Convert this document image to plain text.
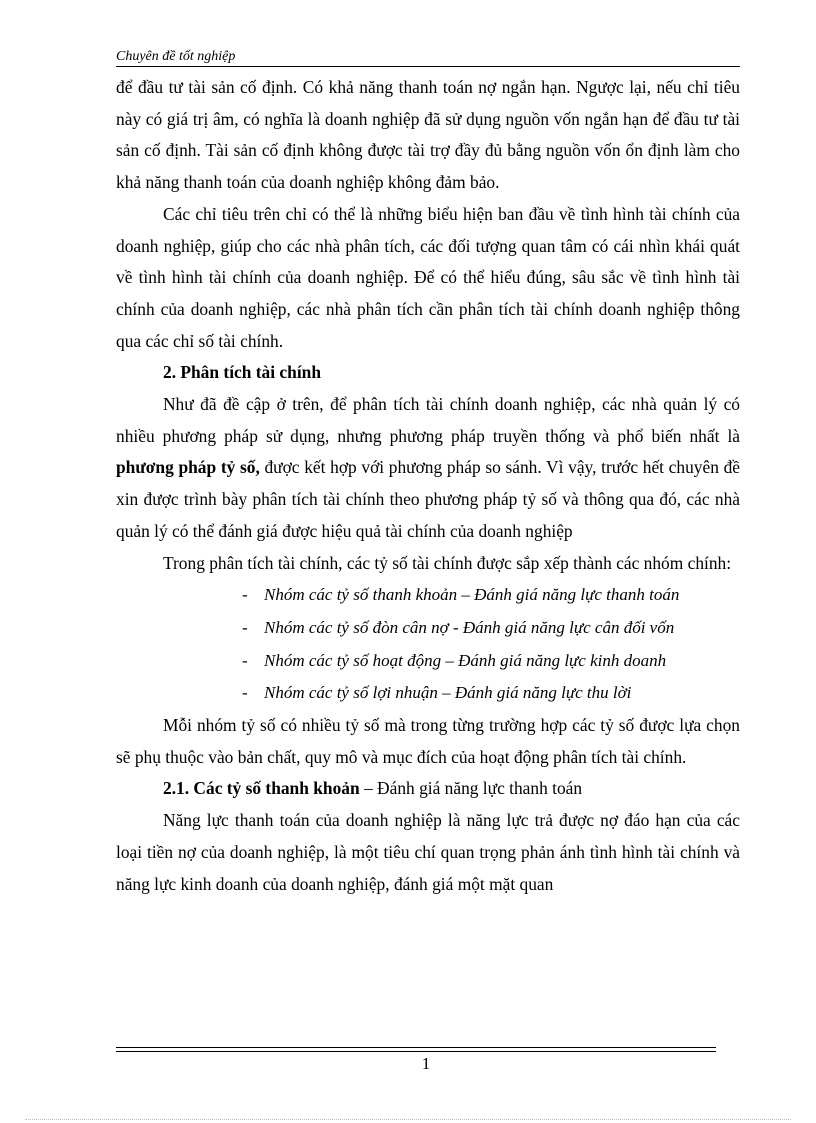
Chuyên đề tốt nghiệp

để đầu tư tài sản cố định. Có khả năng thanh toán nợ ngắn hạn. Ngược lại, nếu chỉ tiêu này có giá trị âm, có nghĩa là doanh nghiệp đã sử dụng nguồn vốn ngắn hạn để đầu tư tài sản cố định. Tài sản cố định không được tài trợ đầy đủ bằng nguồn vốn ổn định làm cho khả năng thanh toán của doanh nghiệp không đảm bảo.

Các chỉ tiêu trên chỉ có thể là những biểu hiện ban đầu về tình hình tài chính của doanh nghiệp, giúp cho các nhà phân tích, các đối tượng quan tâm có cái nhìn khái quát về tình hình tài chính của doanh nghiệp. Để có thể hiểu đúng, sâu sắc về tình hình tài chính của doanh nghiệp, các nhà phân tích cần phân tích tài chính doanh nghiệp thông qua các chỉ số tài chính.

2. Phân tích tài chính

Như đã đề cập ở trên, để phân tích tài chính doanh nghiệp, các nhà quản lý có nhiều phương pháp sử dụng, nhưng phương pháp truyền thống và phổ biến nhất là phương pháp tỷ số, được kết hợp với phương pháp so sánh. Vì vậy, trước hết chuyên đề xin được trình bày phân tích tài chính theo phương pháp tỷ số và thông qua đó, các nhà quản lý có thể đánh giá được hiệu quả tài chính của doanh nghiệp

Trong phân tích tài chính, các tỷ số tài chính được sắp xếp thành các nhóm chính:

- Nhóm các tỷ số thanh khoản – Đánh giá năng lực thanh toán
- Nhóm các tỷ số đòn cân nợ - Đánh giá năng lực cân đối vốn
- Nhóm các tỷ số hoạt động – Đánh giá năng lực kinh doanh
- Nhóm các tỷ số lợi nhuận – Đánh giá năng lực thu lời

Mỗi nhóm tỷ số có nhiều tỷ số mà trong từng trường hợp các tỷ số được lựa chọn sẽ phụ thuộc vào bản chất, quy mô và mục đích của hoạt động phân tích tài chính.

2.1. Các tỷ số thanh khoản – Đánh giá năng lực thanh toán

Năng lực thanh toán của doanh nghiệp là năng lực trả được nợ đáo hạn của các loại tiền nợ của doanh nghiệp, là một tiêu chí quan trọng phản ánh tình hình tài chính và năng lực kinh doanh của doanh nghiệp, đánh giá một mặt quan

1
